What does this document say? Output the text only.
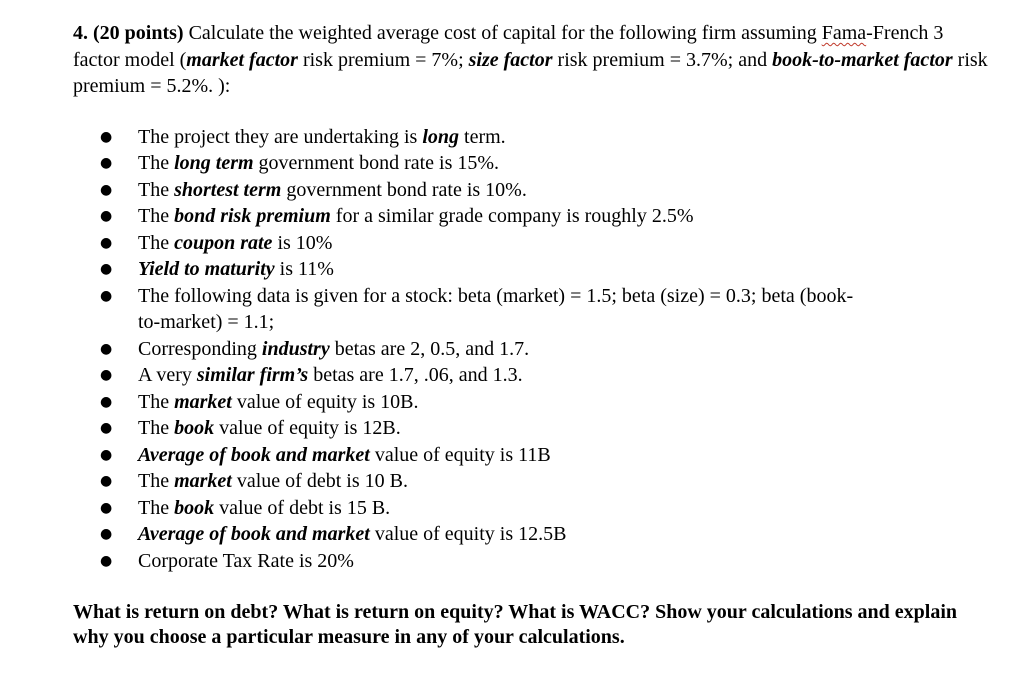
4. (20 points) Calculate the weighted average cost of capital for the following firm assuming Fama-French 3 factor model (market factor risk premium = 7%; size factor risk premium = 3.7%; and book-to-market factor risk premium = 5.2%. ):

● The project they are undertaking is long term.
● The long term government bond rate is 15%.
● The shortest term government bond rate is 10%.
● The bond risk premium for a similar grade company is roughly 2.5%
● The coupon rate is 10%
● Yield to maturity is 11%
● The following data is given for a stock: beta (market) = 1.5; beta (size) = 0.3; beta (book-to-market) = 1.1;
● Corresponding industry betas are 2, 0.5, and 1.7.
● A very similar firm’s betas are 1.7, .06, and 1.3.
● The market value of equity is 10B.
● The book value of equity is 12B.
● Average of book and market value of equity is 11B
● The market value of debt is 10 B.
● The book value of debt is 15 B.
● Average of book and market value of equity is 12.5B
● Corporate Tax Rate is 20%

What is return on debt? What is return on equity? What is WACC? Show your calculations and explain why you choose a particular measure in any of your calculations.
